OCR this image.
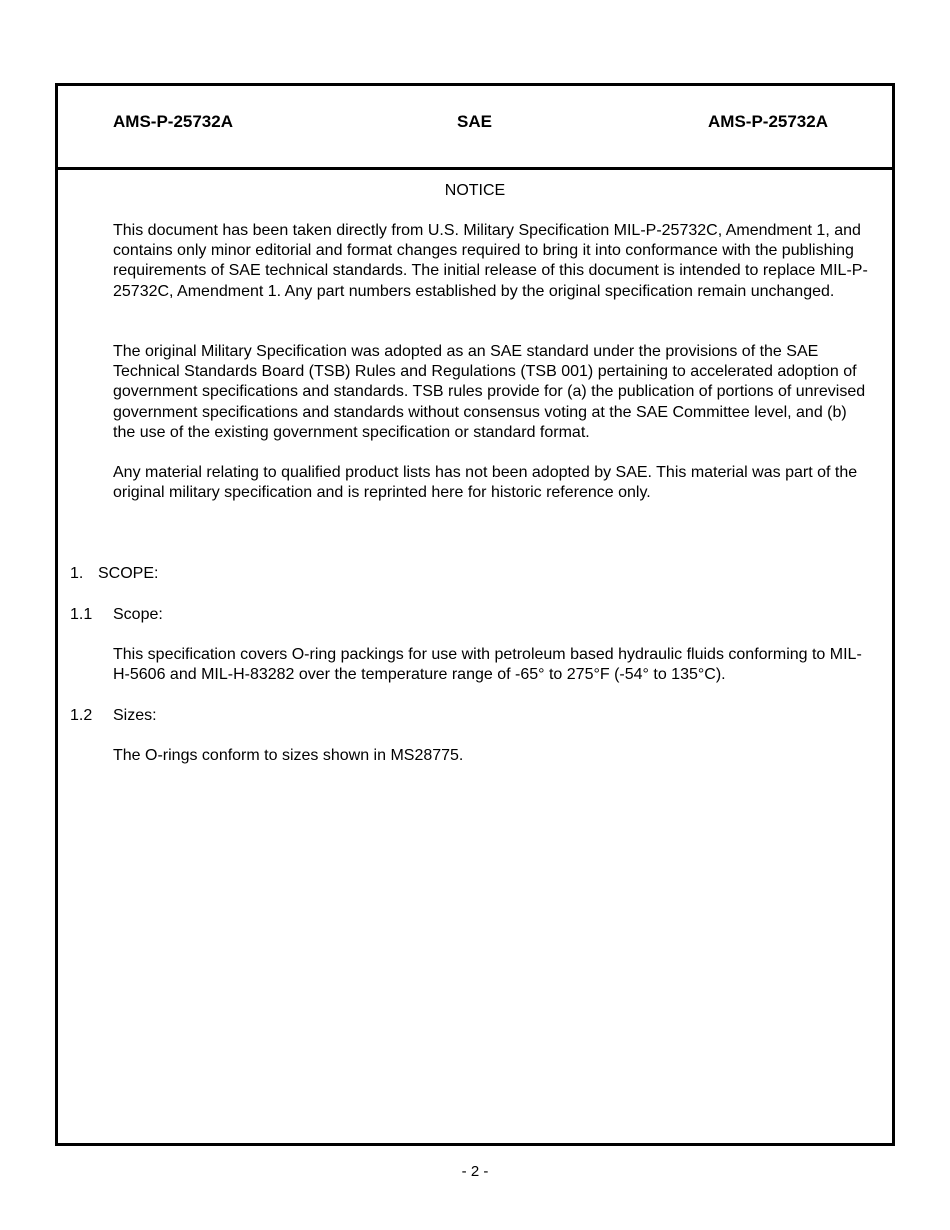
AMS-P-25732A	SAE	AMS-P-25732A
NOTICE
This document has been taken directly from U.S. Military Specification MIL-P-25732C, Amendment 1, and contains only minor editorial and format changes required to bring it into conformance with the publishing requirements of SAE technical standards. The initial release of this document is intended to replace MIL-P-25732C, Amendment 1. Any part numbers established by the original specification remain unchanged.
The original Military Specification was adopted as an SAE standard under the provisions of the SAE Technical Standards Board (TSB) Rules and Regulations (TSB 001) pertaining to accelerated adoption of government specifications and standards. TSB rules provide for (a) the publication of portions of unrevised government specifications and standards without consensus voting at the SAE Committee level, and (b) the use of the existing government specification or standard format.
Any material relating to qualified product lists has not been adopted by SAE. This material was part of the original military specification and is reprinted here for historic reference only.
1. SCOPE:
1.1 Scope:
This specification covers O-ring packings for use with petroleum based hydraulic fluids conforming to MIL-H-5606 and MIL-H-83282 over the temperature range of -65° to 275°F (-54° to 135°C).
1.2 Sizes:
The O-rings conform to sizes shown in MS28775.
- 2 -
